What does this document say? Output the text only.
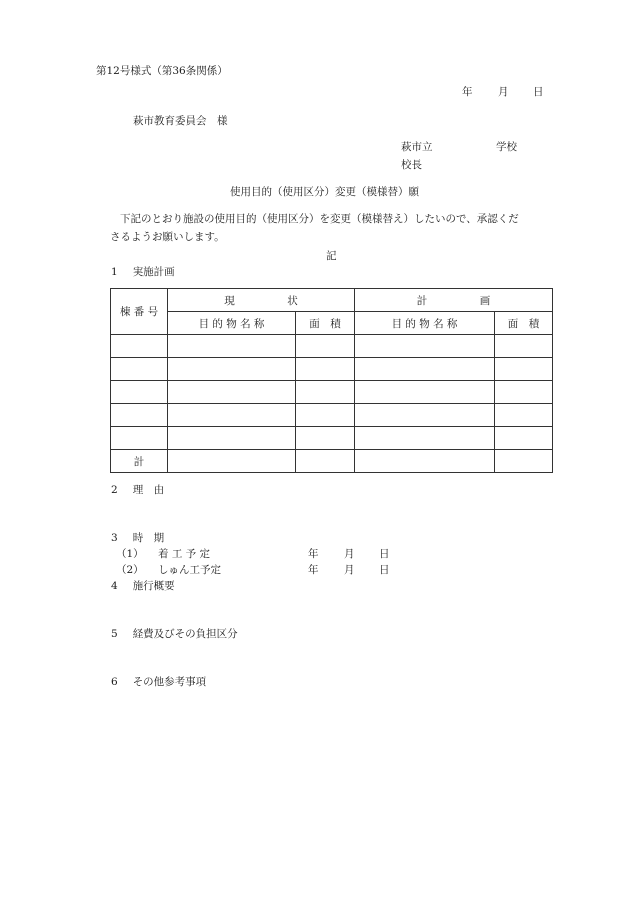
第12号様式（第36条関係）
年 月 日
萩市教育委員会　様
萩市立	学校
校長
使用目的（使用区分）変更（模様替）願
下記のとおり施設の使用目的（使用区分）を変更（模様替え）したいので、承認くだ
さるようお願いします。
記
1 実施計画
棟 番 号	現　　　　　状		計　　　　　画	
	目 的 物 名 称	面　積	目 的 物 名 称	面　積

計				
2 理　由
3 時　期
（1） 着 工 予 定	年 月 日
（2） しゅん工予定	年 月 日
4 施行概要
5 経費及びその負担区分
6 その他参考事項
